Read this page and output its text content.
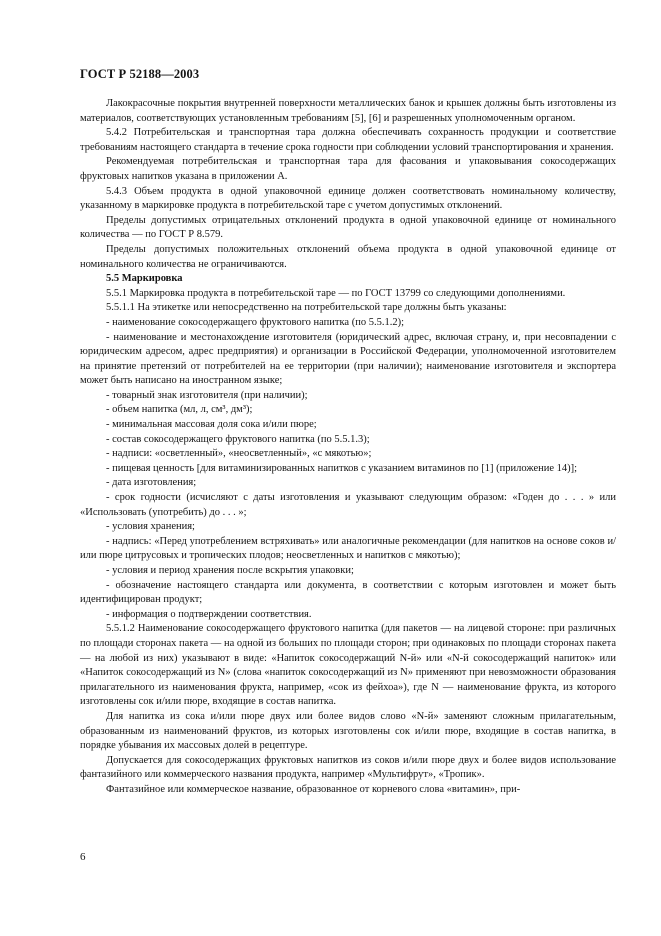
ГОСТ Р 52188—2003

Лакокрасочные покрытия внутренней поверхности металлических банок и крышек должны быть изготовлены из материалов, соответствующих установленным требованиям [5], [6] и разрешенных уполномоченным органом.

5.4.2 Потребительская и транспортная тара должна обеспечивать сохранность продукции и соответствие требованиям настоящего стандарта в течение срока годности при соблюдении условий транспортирования и хранения.

Рекомендуемая потребительская и транспортная тара для фасования и упаковывания сокосодержащих фруктовых напитков указана в приложении А.

5.4.3 Объем продукта в одной упаковочной единице должен соответствовать номинальному количеству, указанному в маркировке продукта в потребительской таре с учетом допустимых отклонений.

Пределы допустимых отрицательных отклонений продукта в одной упаковочной единице от номинального количества — по ГОСТ Р 8.579.

Пределы допустимых положительных отклонений объема продукта в одной упаковочной единице от номинального количества не ограничиваются.

5.5 Маркировка

5.5.1 Маркировка продукта в потребительской таре — по ГОСТ 13799 со следующими дополнениями.

5.5.1.1 На этикетке или непосредственно на потребительской таре должны быть указаны:

- наименование сокосодержащего фруктового напитка (по 5.5.1.2);

- наименование и местонахождение изготовителя (юридический адрес, включая страну, и, при несовпадении с юридическим адресом, адрес предприятия) и организации в Российской Федерации, уполномоченной изготовителем на принятие претензий от потребителей на ее территории (при наличии); наименование изготовителя и экспортера может быть написано на иностранном языке;

- товарный знак изготовителя (при наличии);

- объем напитка (мл, л, см³, дм³);

- минимальная массовая доля сока и/или пюре;

- состав сокосодержащего фруктового напитка (по 5.5.1.3);

- надписи: «осветленный», «неосветленный», «с мякотью»;

- пищевая ценность [для витаминизированных напитков с указанием витаминов по [1] (приложение 14)];

- дата изготовления;

- срок годности (исчисляют с даты изготовления и указывают следующим образом: «Годен до . . . » или «Использовать (употребить) до . . . »;

- условия хранения;

- надпись: «Перед употреблением встряхивать» или аналогичные рекомендации (для напитков на основе соков и/или пюре цитрусовых и тропических плодов; неосветленных и напитков с мякотью);

- условия и период хранения после вскрытия упаковки;

- обозначение настоящего стандарта или документа, в соответствии с которым изготовлен и может быть идентифицирован продукт;

- информация о подтверждении соответствия.

5.5.1.2 Наименование сокосодержащего фруктового напитка (для пакетов — на лицевой стороне: при различных по площади сторонах пакета — на одной из больших по площади сторон; при одинаковых по площади сторонах пакета — на любой из них) указывают в виде: «Напиток сокосодержащий N-й» или «N-й сокосодержащий напиток» или «Напиток сокосодержащий из N» (слова «напиток сокосодержащий из N» применяют при невозможности образования прилагательного из наименования фрукта, например, «сок из фейхоа»), где N — наименование фрукта, из которого изготовлены сок и/или пюре, входящие в состав напитка.

Для напитка из сока и/или пюре двух или более видов слово «N-й» заменяют сложным прилагательным, образованным из наименований фруктов, из которых изготовлены сок и/или пюре, входящие в состав напитка, в порядке убывания их массовых долей в рецептуре.

Допускается для сокосодержащих фруктовых напитков из соков и/или пюре двух и более видов использование фантазийного или коммерческого названия продукта, например «Мультифрут», «Тропик».

Фантазийное или коммерческое название, образованное от корневого слова «витамин», при-

6
